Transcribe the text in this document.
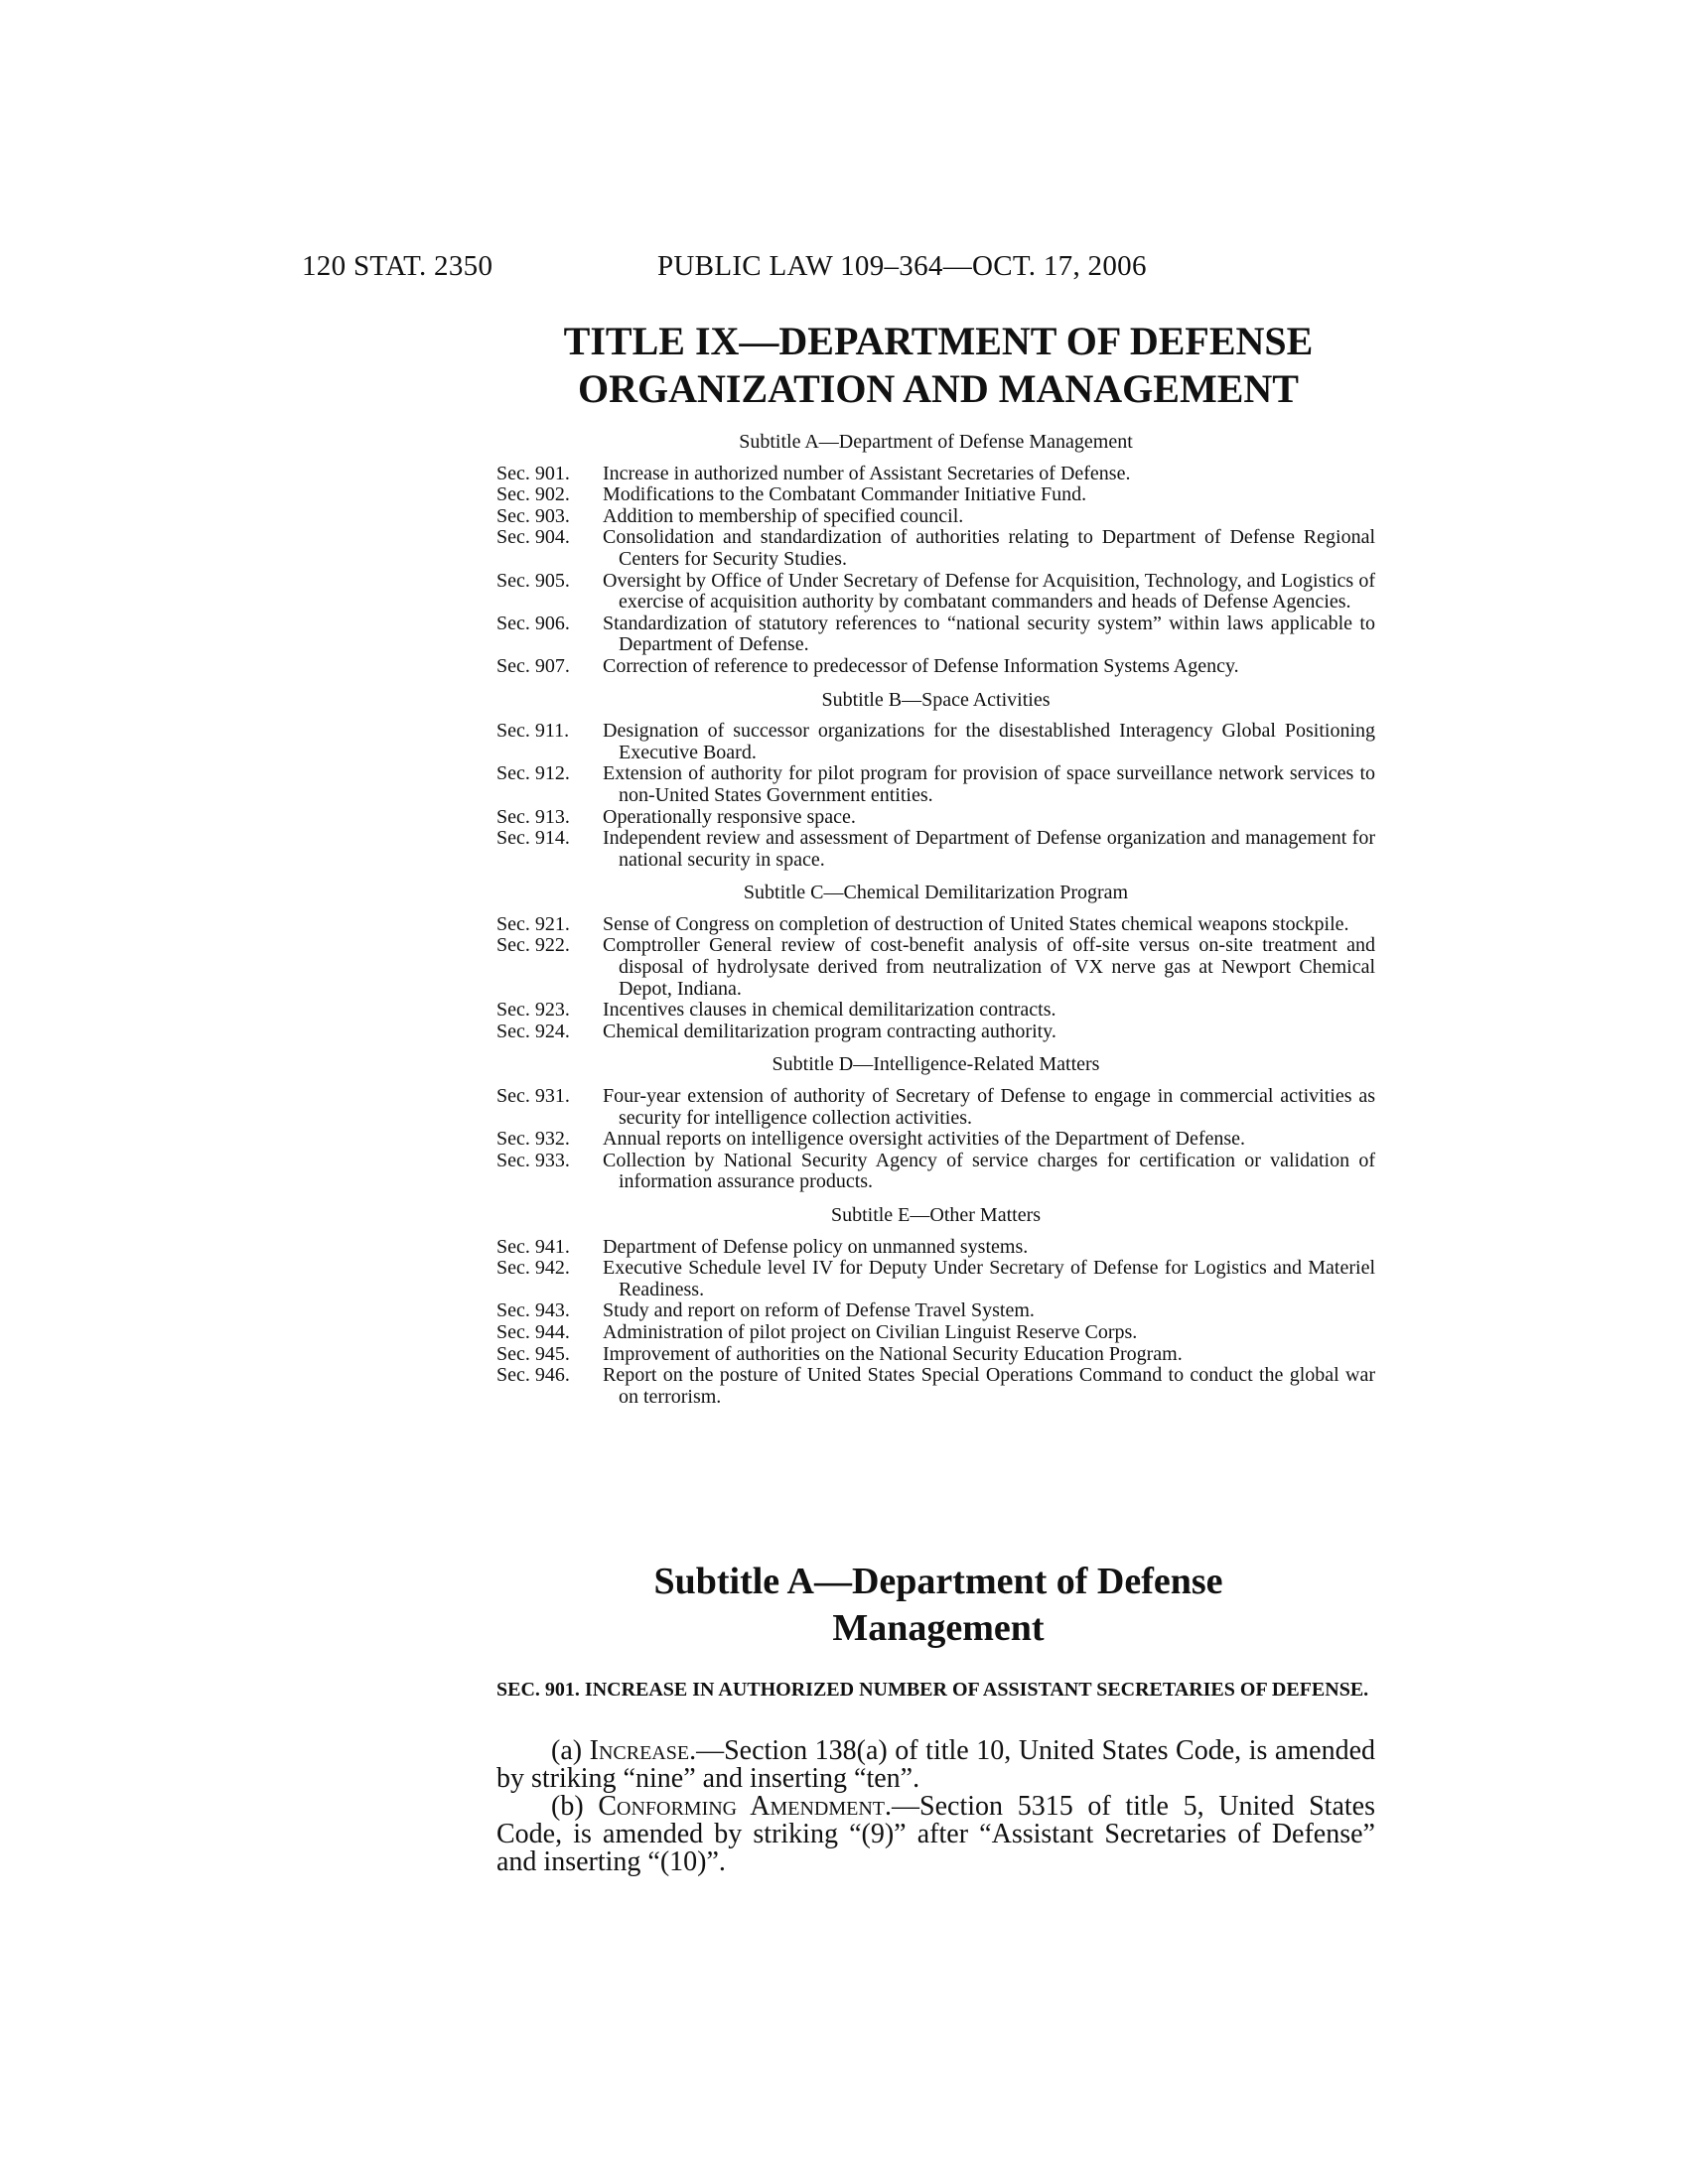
120 STAT. 2350	PUBLIC LAW 109–364—OCT. 17, 2006
TITLE IX—DEPARTMENT OF DEFENSE
ORGANIZATION AND MANAGEMENT
Subtitle A—Department of Defense Management
Sec. 901.	Increase in authorized number of Assistant Secretaries of Defense.
Sec. 902.	Modifications to the Combatant Commander Initiative Fund.
Sec. 903.	Addition to membership of specified council.
Sec. 904.	Consolidation and standardization of authorities relating to Department of Defense Regional Centers for Security Studies.
Sec. 905.	Oversight by Office of Under Secretary of Defense for Acquisition, Technology, and Logistics of exercise of acquisition authority by combatant commanders and heads of Defense Agencies.
Sec. 906.	Standardization of statutory references to “national security system” within laws applicable to Department of Defense.
Sec. 907.	Correction of reference to predecessor of Defense Information Systems Agency.
Subtitle B—Space Activities
Sec. 911.	Designation of successor organizations for the disestablished Interagency Global Positioning Executive Board.
Sec. 912.	Extension of authority for pilot program for provision of space surveillance network services to non-United States Government entities.
Sec. 913.	Operationally responsive space.
Sec. 914.	Independent review and assessment of Department of Defense organization and management for national security in space.
Subtitle C—Chemical Demilitarization Program
Sec. 921.	Sense of Congress on completion of destruction of United States chemical weapons stockpile.
Sec. 922.	Comptroller General review of cost-benefit analysis of off-site versus on-site treatment and disposal of hydrolysate derived from neutralization of VX nerve gas at Newport Chemical Depot, Indiana.
Sec. 923.	Incentives clauses in chemical demilitarization contracts.
Sec. 924.	Chemical demilitarization program contracting authority.
Subtitle D—Intelligence-Related Matters
Sec. 931.	Four-year extension of authority of Secretary of Defense to engage in commercial activities as security for intelligence collection activities.
Sec. 932.	Annual reports on intelligence oversight activities of the Department of Defense.
Sec. 933.	Collection by National Security Agency of service charges for certification or validation of information assurance products.
Subtitle E—Other Matters
Sec. 941.	Department of Defense policy on unmanned systems.
Sec. 942.	Executive Schedule level IV for Deputy Under Secretary of Defense for Logistics and Materiel Readiness.
Sec. 943.	Study and report on reform of Defense Travel System.
Sec. 944.	Administration of pilot project on Civilian Linguist Reserve Corps.
Sec. 945.	Improvement of authorities on the National Security Education Program.
Sec. 946.	Report on the posture of United States Special Operations Command to conduct the global war on terrorism.
Subtitle A—Department of Defense
Management
SEC. 901. INCREASE IN AUTHORIZED NUMBER OF ASSISTANT SECRETARIES OF DEFENSE.

(a) Increase.—Section 138(a) of title 10, United States Code, is amended by striking “nine” and inserting “ten”.

(b) Conforming Amendment.—Section 5315 of title 5, United States Code, is amended by striking “(9)” after “Assistant Secretaries of Defense” and inserting “(10)”.
